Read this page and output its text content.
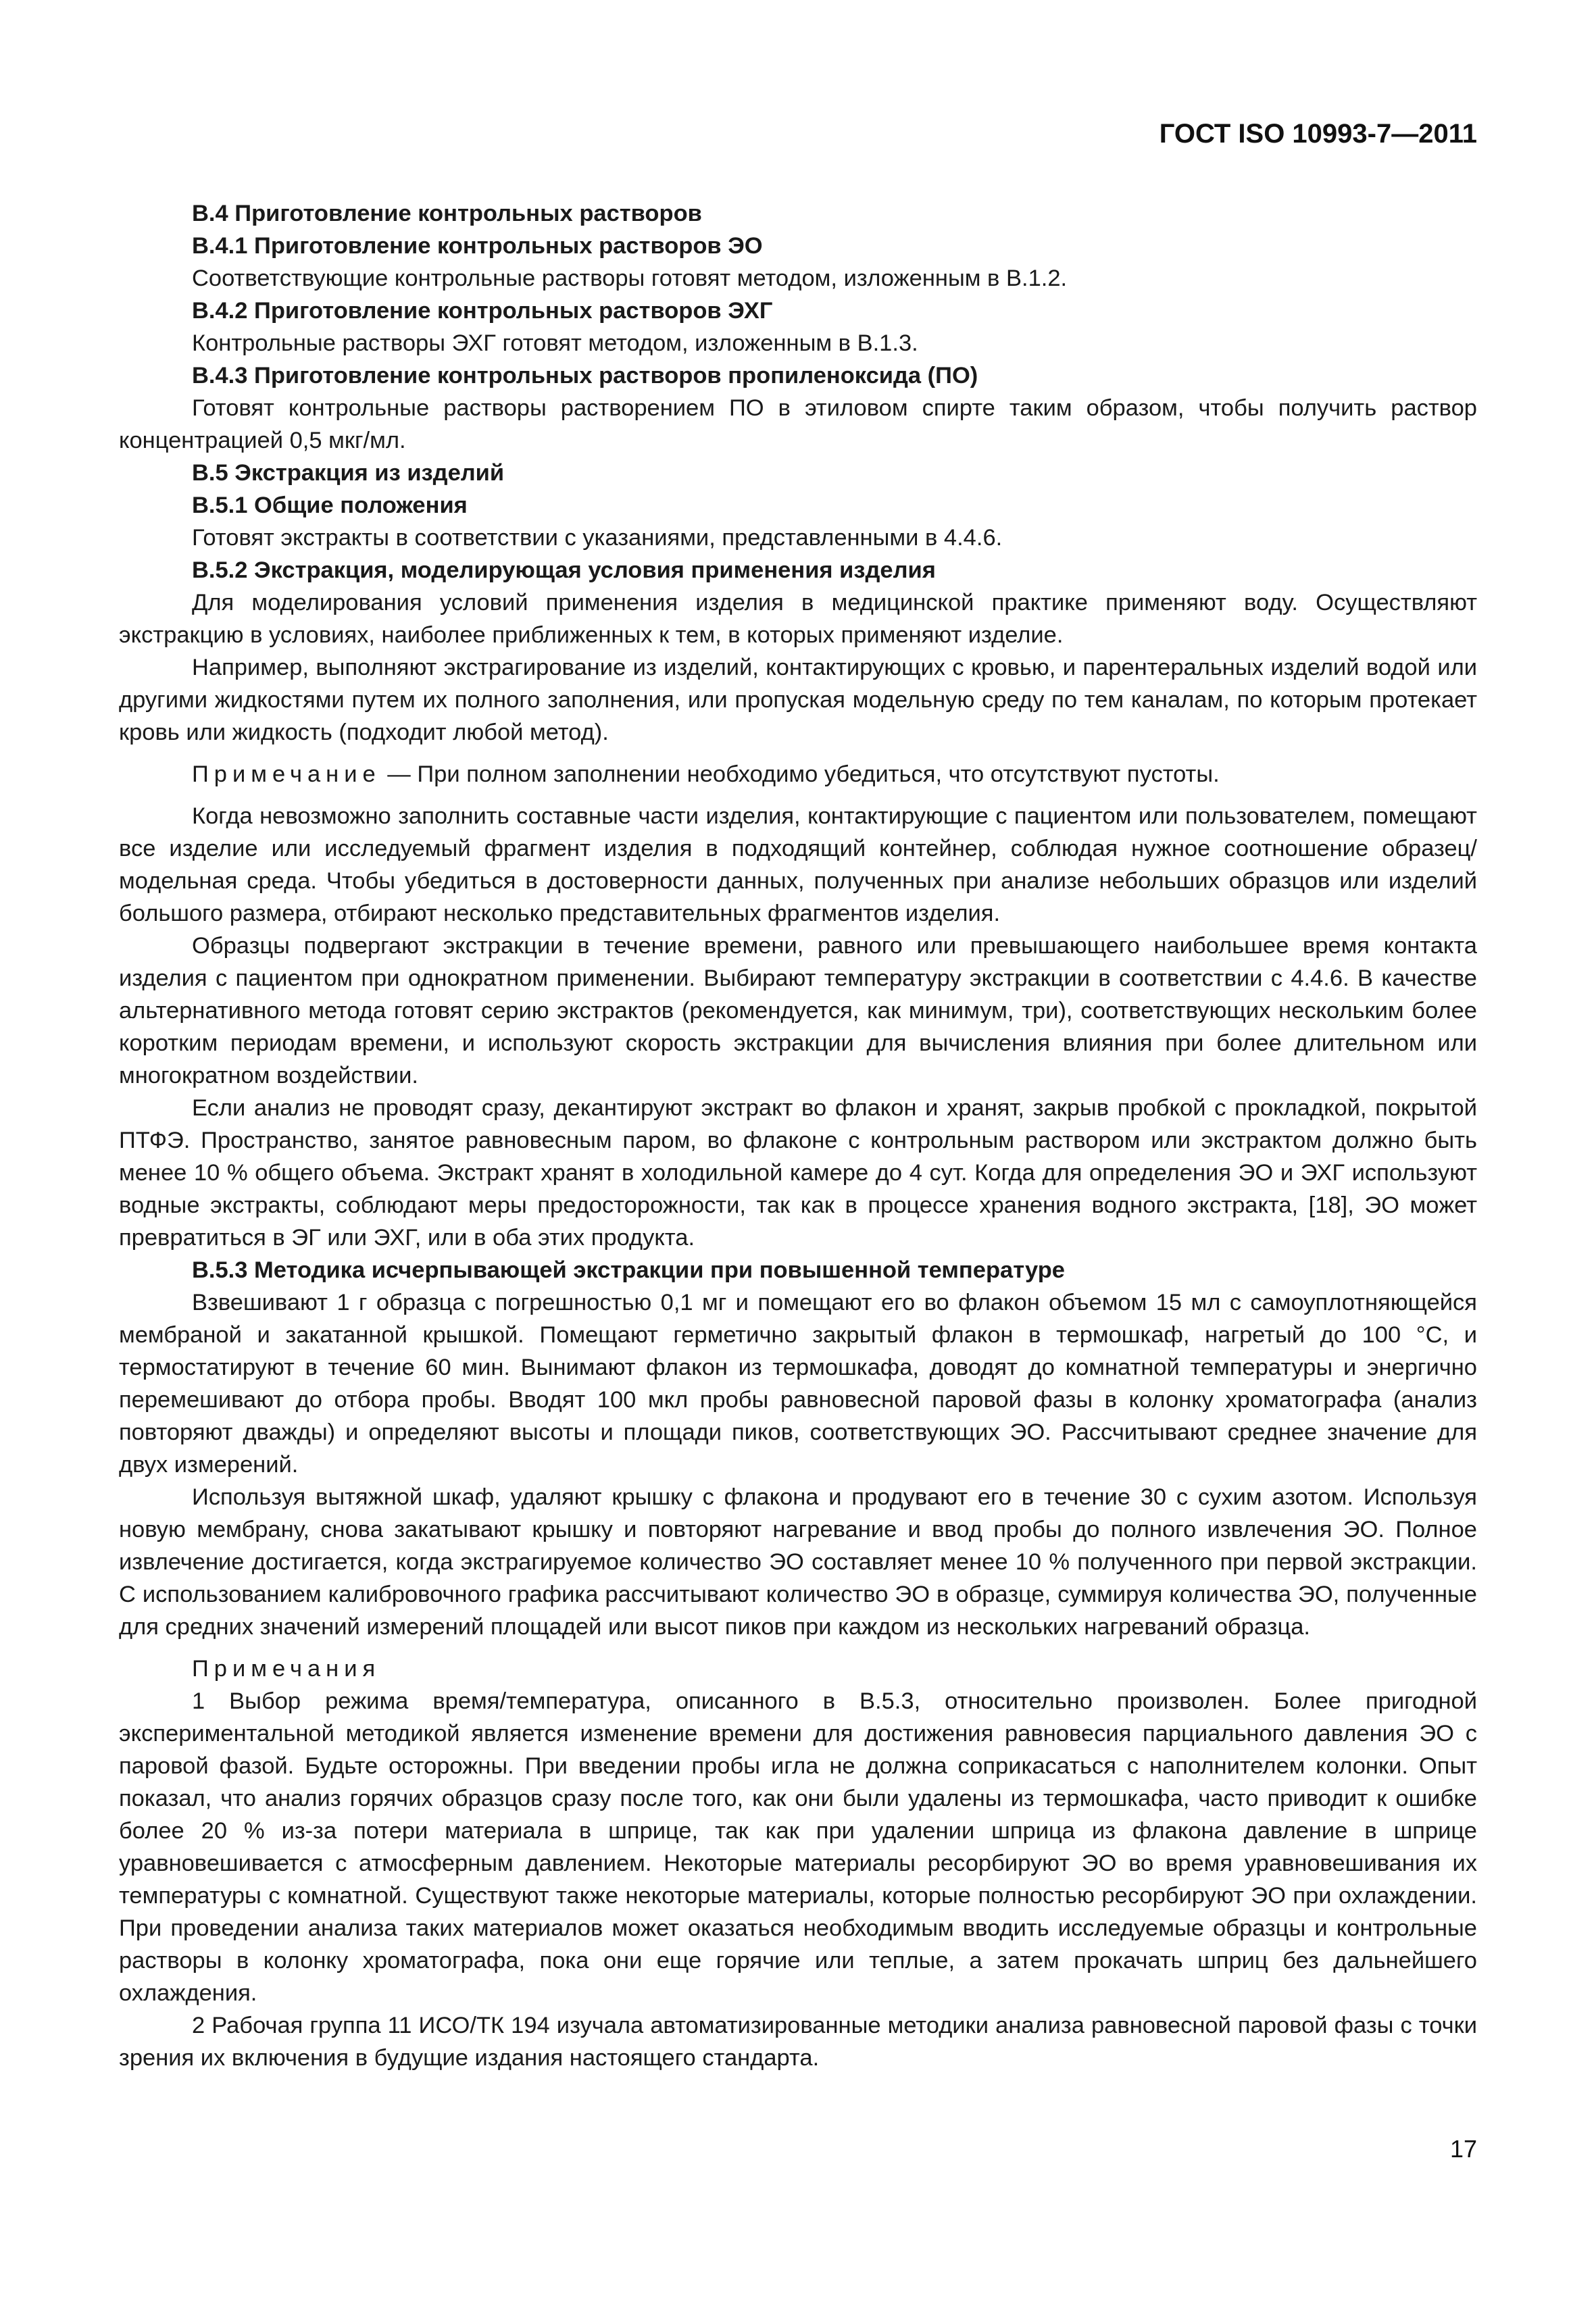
ГОСТ ISO 10993-7—2011

В.4 Приготовление контрольных растворов

В.4.1 Приготовление контрольных растворов ЭО

Соответствующие контрольные растворы готовят методом, изложенным в В.1.2.

В.4.2 Приготовление контрольных растворов ЭХГ

Контрольные растворы ЭХГ готовят методом, изложенным в В.1.3.

В.4.3 Приготовление контрольных растворов пропиленоксида (ПО)

Готовят контрольные растворы растворением ПО в этиловом спирте таким образом, чтобы получить раствор концентрацией 0,5 мкг/мл.

В.5 Экстракция из изделий

В.5.1 Общие положения

Готовят экстракты в соответствии с указаниями, представленными в 4.4.6.

В.5.2 Экстракция, моделирующая условия применения изделия

Для моделирования условий применения изделия в медицинской практике применяют воду. Осуществляют экстракцию в условиях, наиболее приближенных к тем, в которых применяют изделие.

Например, выполняют экстрагирование из изделий, контактирующих с кровью, и парентеральных изделий водой или другими жидкостями путем их полного заполнения, или пропуская модельную среду по тем каналам, по которым протекает кровь или жидкость (подходит любой метод).

Примечание — При полном заполнении необходимо убедиться, что отсутствуют пустоты.

Когда невозможно заполнить составные части изделия, контактирующие с пациентом или пользователем, помещают все изделие или исследуемый фрагмент изделия в подходящий контейнер, соблюдая нужное соотношение образец/модельная среда. Чтобы убедиться в достоверности данных, полученных при анализе небольших образцов или изделий большого размера, отбирают несколько представительных фрагментов изделия.

Образцы подвергают экстракции в течение времени, равного или превышающего наибольшее время контакта изделия с пациентом при однократном применении. Выбирают температуру экстракции в соответствии с 4.4.6. В качестве альтернативного метода готовят серию экстрактов (рекомендуется, как минимум, три), соответствующих нескольким более коротким периодам времени, и используют скорость экстракции для вычисления влияния при более длительном или многократном воздействии.

Если анализ не проводят сразу, декантируют экстракт во флакон и хранят, закрыв пробкой с прокладкой, покрытой ПТФЭ. Пространство, занятое равновесным паром, во флаконе с контрольным раствором или экстрактом должно быть менее 10 % общего объема. Экстракт хранят в холодильной камере до 4 сут. Когда для определения ЭО и ЭХГ используют водные экстракты, соблюдают меры предосторожности, так как в процессе хранения водного экстракта, [18], ЭО может превратиться в ЭГ или ЭХГ, или в оба этих продукта.

В.5.3 Методика исчерпывающей экстракции при повышенной температуре

Взвешивают 1 г образца с погрешностью 0,1 мг и помещают его во флакон объемом 15 мл с самоуплотняющейся мембраной и закатанной крышкой. Помещают герметично закрытый флакон в термошкаф, нагретый до 100 °С, и термостатируют в течение 60 мин. Вынимают флакон из термошкафа, доводят до комнатной температуры и энергично перемешивают до отбора пробы. Вводят 100 мкл пробы равновесной паровой фазы в колонку хроматографа (анализ повторяют дважды) и определяют высоты и площади пиков, соответствующих ЭО. Рассчитывают среднее значение для двух измерений.

Используя вытяжной шкаф, удаляют крышку с флакона и продувают его в течение 30 с сухим азотом. Используя новую мембрану, снова закатывают крышку и повторяют нагревание и ввод пробы до полного извлечения ЭО. Полное извлечение достигается, когда экстрагируемое количество ЭО составляет менее 10 % полученного при первой экстракции. С использованием калибровочного графика рассчитывают количество ЭО в образце, суммируя количества ЭО, полученные для средних значений измерений площадей или высот пиков при каждом из нескольких нагреваний образца.

Примечания

1 Выбор режима время/температура, описанного в В.5.3, относительно произволен. Более пригодной экспериментальной методикой является изменение времени для достижения равновесия парциального давления ЭО с паровой фазой. Будьте осторожны. При введении пробы игла не должна соприкасаться с наполнителем колонки. Опыт показал, что анализ горячих образцов сразу после того, как они были удалены из термошкафа, часто приводит к ошибке более 20 % из-за потери материала в шприце, так как при удалении шприца из флакона давление в шприце уравновешивается с атмосферным давлением. Некоторые материалы ресорбируют ЭО во время уравновешивания их температуры с комнатной. Существуют также некоторые материалы, которые полностью ресорбируют ЭО при охлаждении. При проведении анализа таких материалов может оказаться необходимым вводить исследуемые образцы и контрольные растворы в колонку хроматографа, пока они еще горячие или теплые, а затем прокачать шприц без дальнейшего охлаждения.

2 Рабочая группа 11 ИСО/ТК 194 изучала автоматизированные методики анализа равновесной паровой фазы с точки зрения их включения в будущие издания настоящего стандарта.

17
